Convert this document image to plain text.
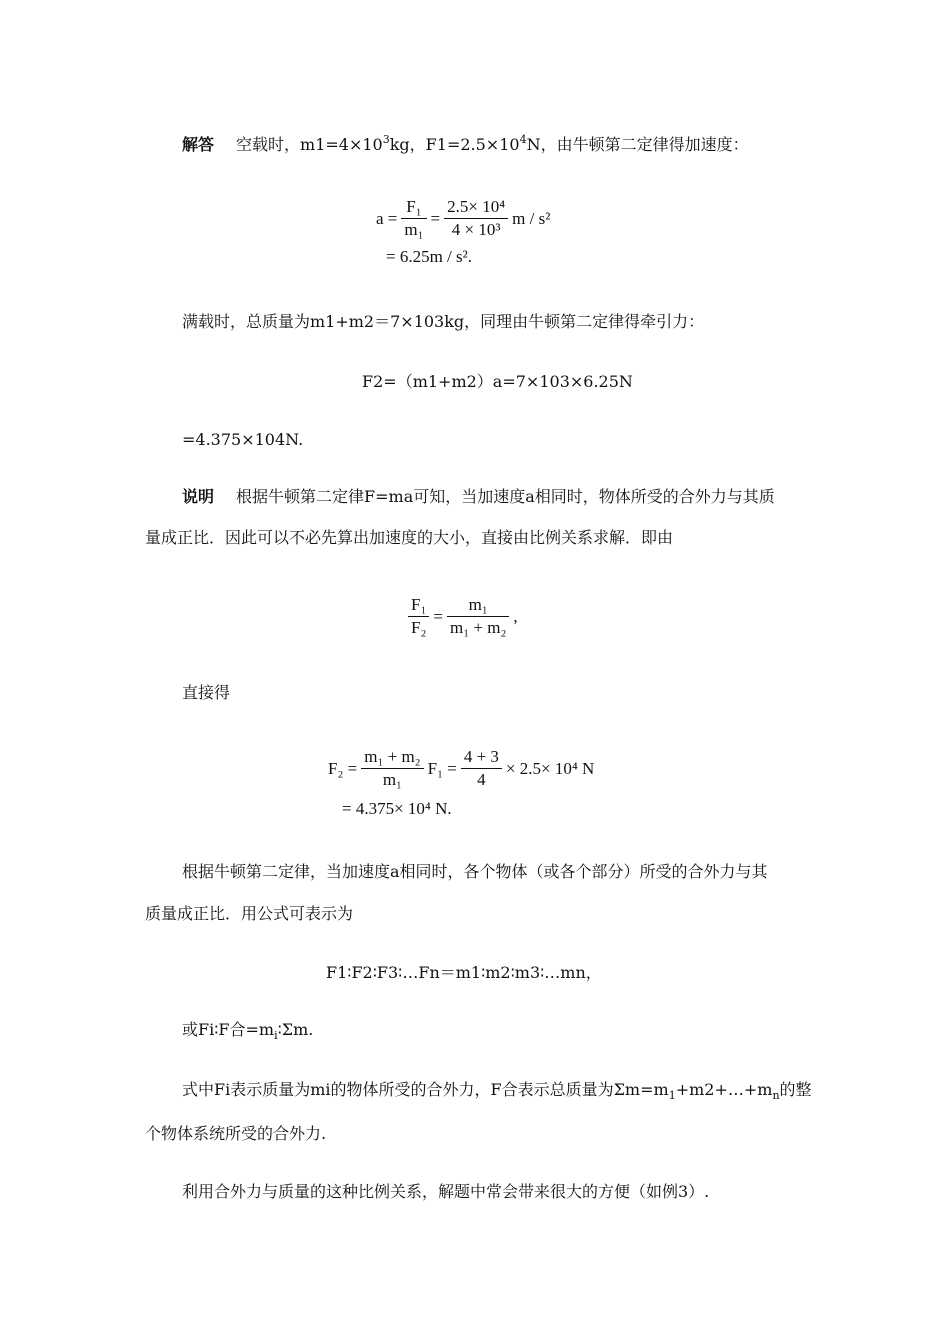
解答 空载时，$m1=4\times 10^3kg$，$F1=2.5\times 10^4N$，由牛顿第二定律得加速度：
$a = \frac{\text{F₁}}{\text{m₁}} = \frac{\text{2.5× 10⁴}}{\text{4 × 10³}}$ m / s²
= 6.25m / s².
满载时，总质量为m1+m2＝7×103kg，同理由牛顿第二定律得牵引力：
F2=（m1+m2）a=7×103×6.25N
=4.375×104N.
说明 根据牛顿第二定律F=ma可知，当加速度a相同时，物体所受的合外力与其质
量成正比．因此可以不必先算出加速度的大小，直接由比例关系求解．即由
$\frac{\text{F₁}}{\text{F₂}} = \frac{\text{m₁}}{\text{m₁ + m₂}}$ ,
直接得
$F_2 = \frac{\text{m₁ + m₂}}{\text{m₁}} F_1 = \frac{4 + 3}{4} \times 2.5\times 10^4$ N
= 4.375× 10⁴ N.
根据牛顿第二定律，当加速度a相同时，各个物体（或各个部分）所受的合外力与其
质量成正比．用公式可表示为
F1∶F2∶F3∶…Fn＝m1∶m2∶m3∶…mn，
或Fi∶F合$=m_i∶\Sigma m$.
式中Fi表示质量为mi的物体所受的合外力，F合表示总质量为$\Sigma m=m_1+m2+\dots+m_n$的整
个物体系统所受的合外力.
利用合外力与质量的这种比例关系，解题中常会带来很大的方便（如例3）.
